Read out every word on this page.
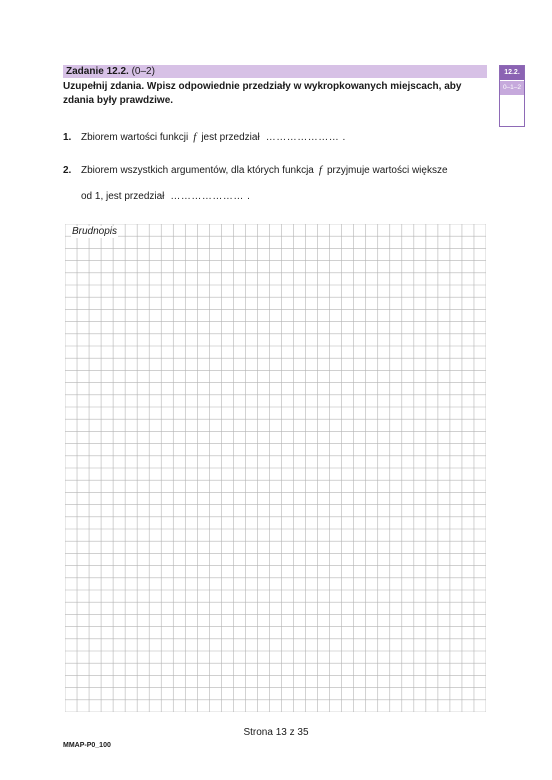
Zadanie 12.2. (0–2)
Uzupełnij zdania. Wpisz odpowiednie przedziały w wykropkowanych miejscach, aby zdania były prawdziwe.
12.2.
0–1–2
1. Zbiorem wartości funkcji f jest przedział ………………… .
2. Zbiorem wszystkich argumentów, dla których funkcja f przyjmuje wartości większe
od 1, jest przedział ………………… .
Brudnopis
Strona 13 z 35
MMAP-P0_100
